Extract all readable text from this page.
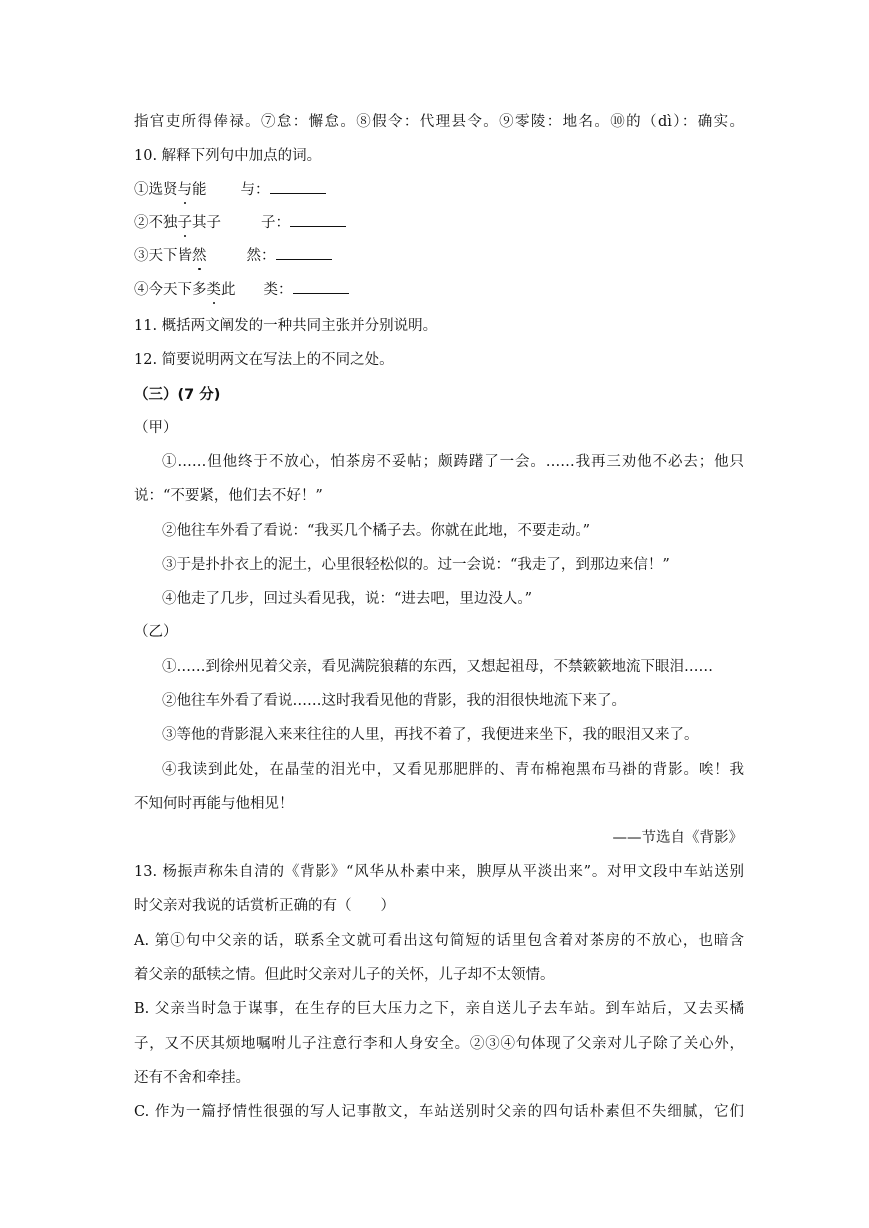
指官吏所得俸禄。⑦怠：懈怠。⑧假令：代理县令。⑨零陵：地名。⑩的（dì）：确实。
10. 解释下列句中加点的词。
①选贤与能 与：
②不独子其子	子：
③天下皆然	然：
④今天下多类此 类：
11. 概括两文阐发的一种共同主张并分别说明。
12. 简要说明两文在写法上的不同之处。
（三）(7 分)
（甲）
①……但他终于不放心，怕茶房不妥帖；颇踌躇了一会。……我再三劝他不必去；他只
说：“不要紧，他们去不好！”
②他往车外看了看说：“我买几个橘子去。你就在此地，不要走动。”
③于是扑扑衣上的泥土，心里很轻松似的。过一会说：“我走了，到那边来信！”
④他走了几步，回过头看见我，说：“进去吧，里边没人。”
（乙）
①……到徐州见着父亲，看见满院狼藉的东西，又想起祖母，不禁簌簌地流下眼泪……
②他往车外看了看说……这时我看见他的背影，我的泪很快地流下来了。
③等他的背影混入来来往往的人里，再找不着了，我便进来坐下，我的眼泪又来了。
④我读到此处，在晶莹的泪光中，又看见那肥胖的、青布棉袍黑布马褂的背影。唉！我
不知何时再能与他相见！
——节选自《背影》
13. 杨振声称朱自清的《背影》“风华从朴素中来，腴厚从平淡出来”。对甲文段中车站送别
时父亲对我说的话赏析正确的有（　　）
A. 第①句中父亲的话，联系全文就可看出这句简短的话里包含着对茶房的不放心，也暗含
着父亲的舐犊之情。但此时父亲对儿子的关怀，儿子却不太领情。
B. 父亲当时急于谋事，在生存的巨大压力之下，亲自送儿子去车站。到车站后，又去买橘
子，又不厌其烦地嘱咐儿子注意行李和人身安全。②③④句体现了父亲对儿子除了关心外，
还有不舍和牵挂。
C. 作为一篇抒情性很强的写人记事散文，车站送别时父亲的四句话朴素但不失细腻，它们
